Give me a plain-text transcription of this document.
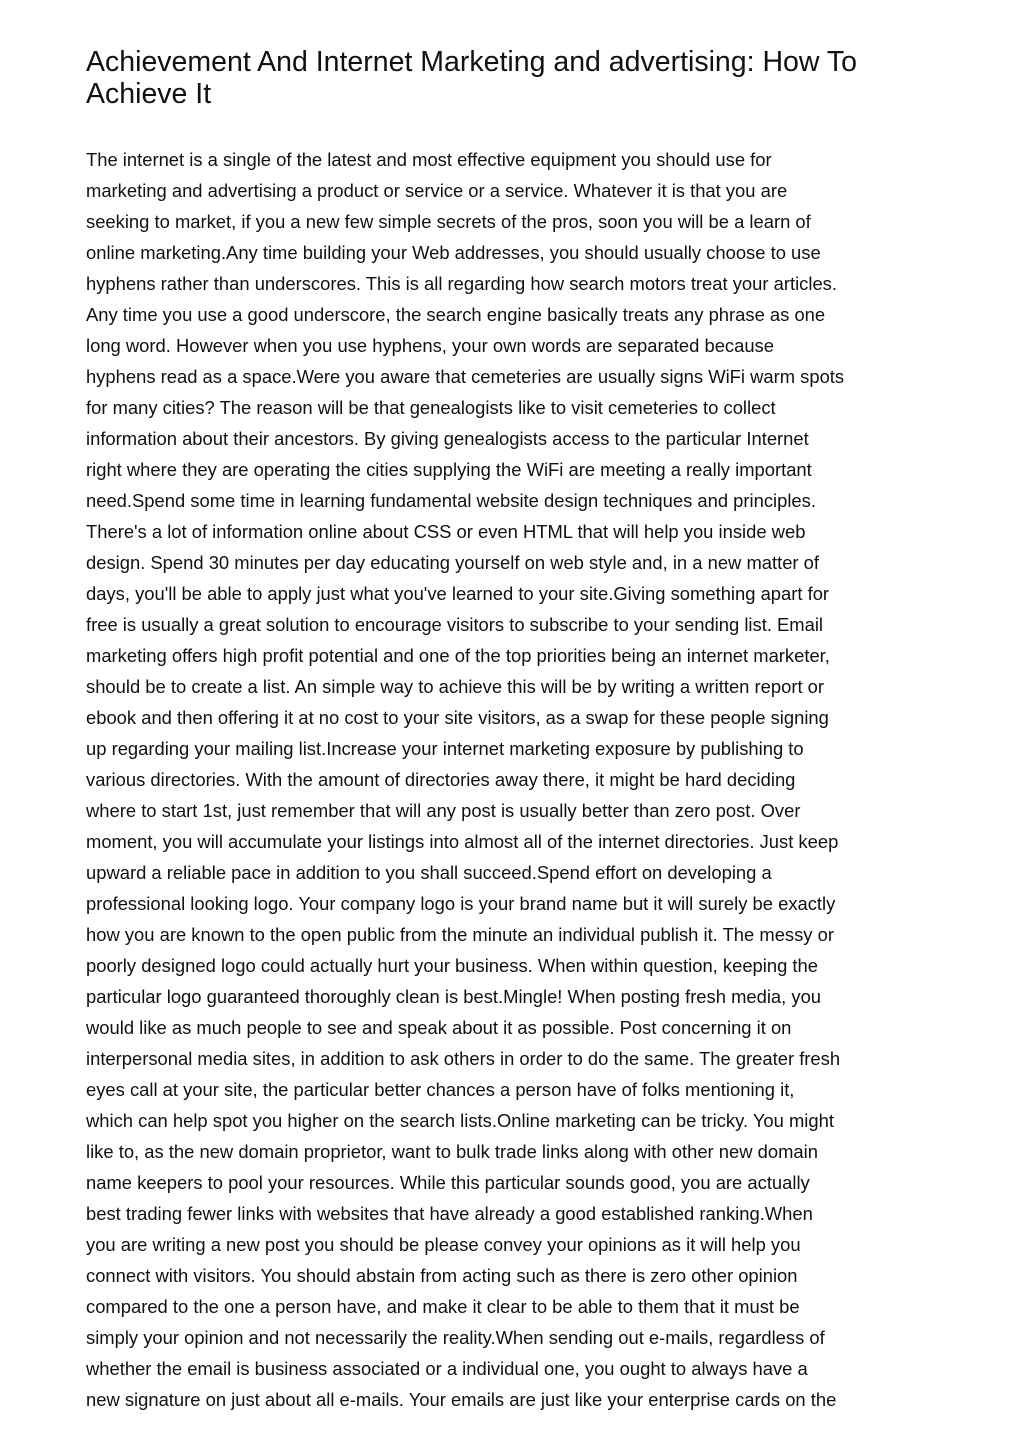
Achievement And Internet Marketing and advertising: How To Achieve It
The internet is a single of the latest and most effective equipment you should use for
marketing and advertising a product or service or a service. Whatever it is that you are
seeking to market, if you a new few simple secrets of the pros, soon you will be a learn of
online marketing.Any time building your Web addresses, you should usually choose to use
hyphens rather than underscores. This is all regarding how search motors treat your articles.
Any time you use a good underscore, the search engine basically treats any phrase as one
long word. However when you use hyphens, your own words are separated because
hyphens read as a space.Were you aware that cemeteries are usually signs WiFi warm spots
for many cities? The reason will be that genealogists like to visit cemeteries to collect
information about their ancestors. By giving genealogists access to the particular Internet
right where they are operating the cities supplying the WiFi are meeting a really important
need.Spend some time in learning fundamental website design techniques and principles.
There's a lot of information online about CSS or even HTML that will help you inside web
design. Spend 30 minutes per day educating yourself on web style and, in a new matter of
days, you'll be able to apply just what you've learned to your site.Giving something apart for
free is usually a great solution to encourage visitors to subscribe to your sending list. Email
marketing offers high profit potential and one of the top priorities being an internet marketer,
should be to create a list. An simple way to achieve this will be by writing a written report or
ebook and then offering it at no cost to your site visitors, as a swap for these people signing
up regarding your mailing list.Increase your internet marketing exposure by publishing to
various directories. With the amount of directories away there, it might be hard deciding
where to start 1st, just remember that will any post is usually better than zero post. Over
moment, you will accumulate your listings into almost all of the internet directories. Just keep
upward a reliable pace in addition to you shall succeed.Spend effort on developing a
professional looking logo. Your company logo is your brand name but it will surely be exactly
how you are known to the open public from the minute an individual publish it. The messy or
poorly designed logo could actually hurt your business. When within question, keeping the
particular logo guaranteed thoroughly clean is best.Mingle! When posting fresh media, you
would like as much people to see and speak about it as possible. Post concerning it on
interpersonal media sites, in addition to ask others in order to do the same. The greater fresh
eyes call at your site, the particular better chances a person have of folks mentioning it,
which can help spot you higher on the search lists.Online marketing can be tricky. You might
like to, as the new domain proprietor, want to bulk trade links along with other new domain
name keepers to pool your resources. While this particular sounds good, you are actually
best trading fewer links with websites that have already a good established ranking.When
you are writing a new post you should be please convey your opinions as it will help you
connect with visitors. You should abstain from acting such as there is zero other opinion
compared to the one a person have, and make it clear to be able to them that it must be
simply your opinion and not necessarily the reality.When sending out e-mails, regardless of
whether the email is business associated or a individual one, you ought to always have a
new signature on just about all e-mails. Your emails are just like your enterprise cards on the
